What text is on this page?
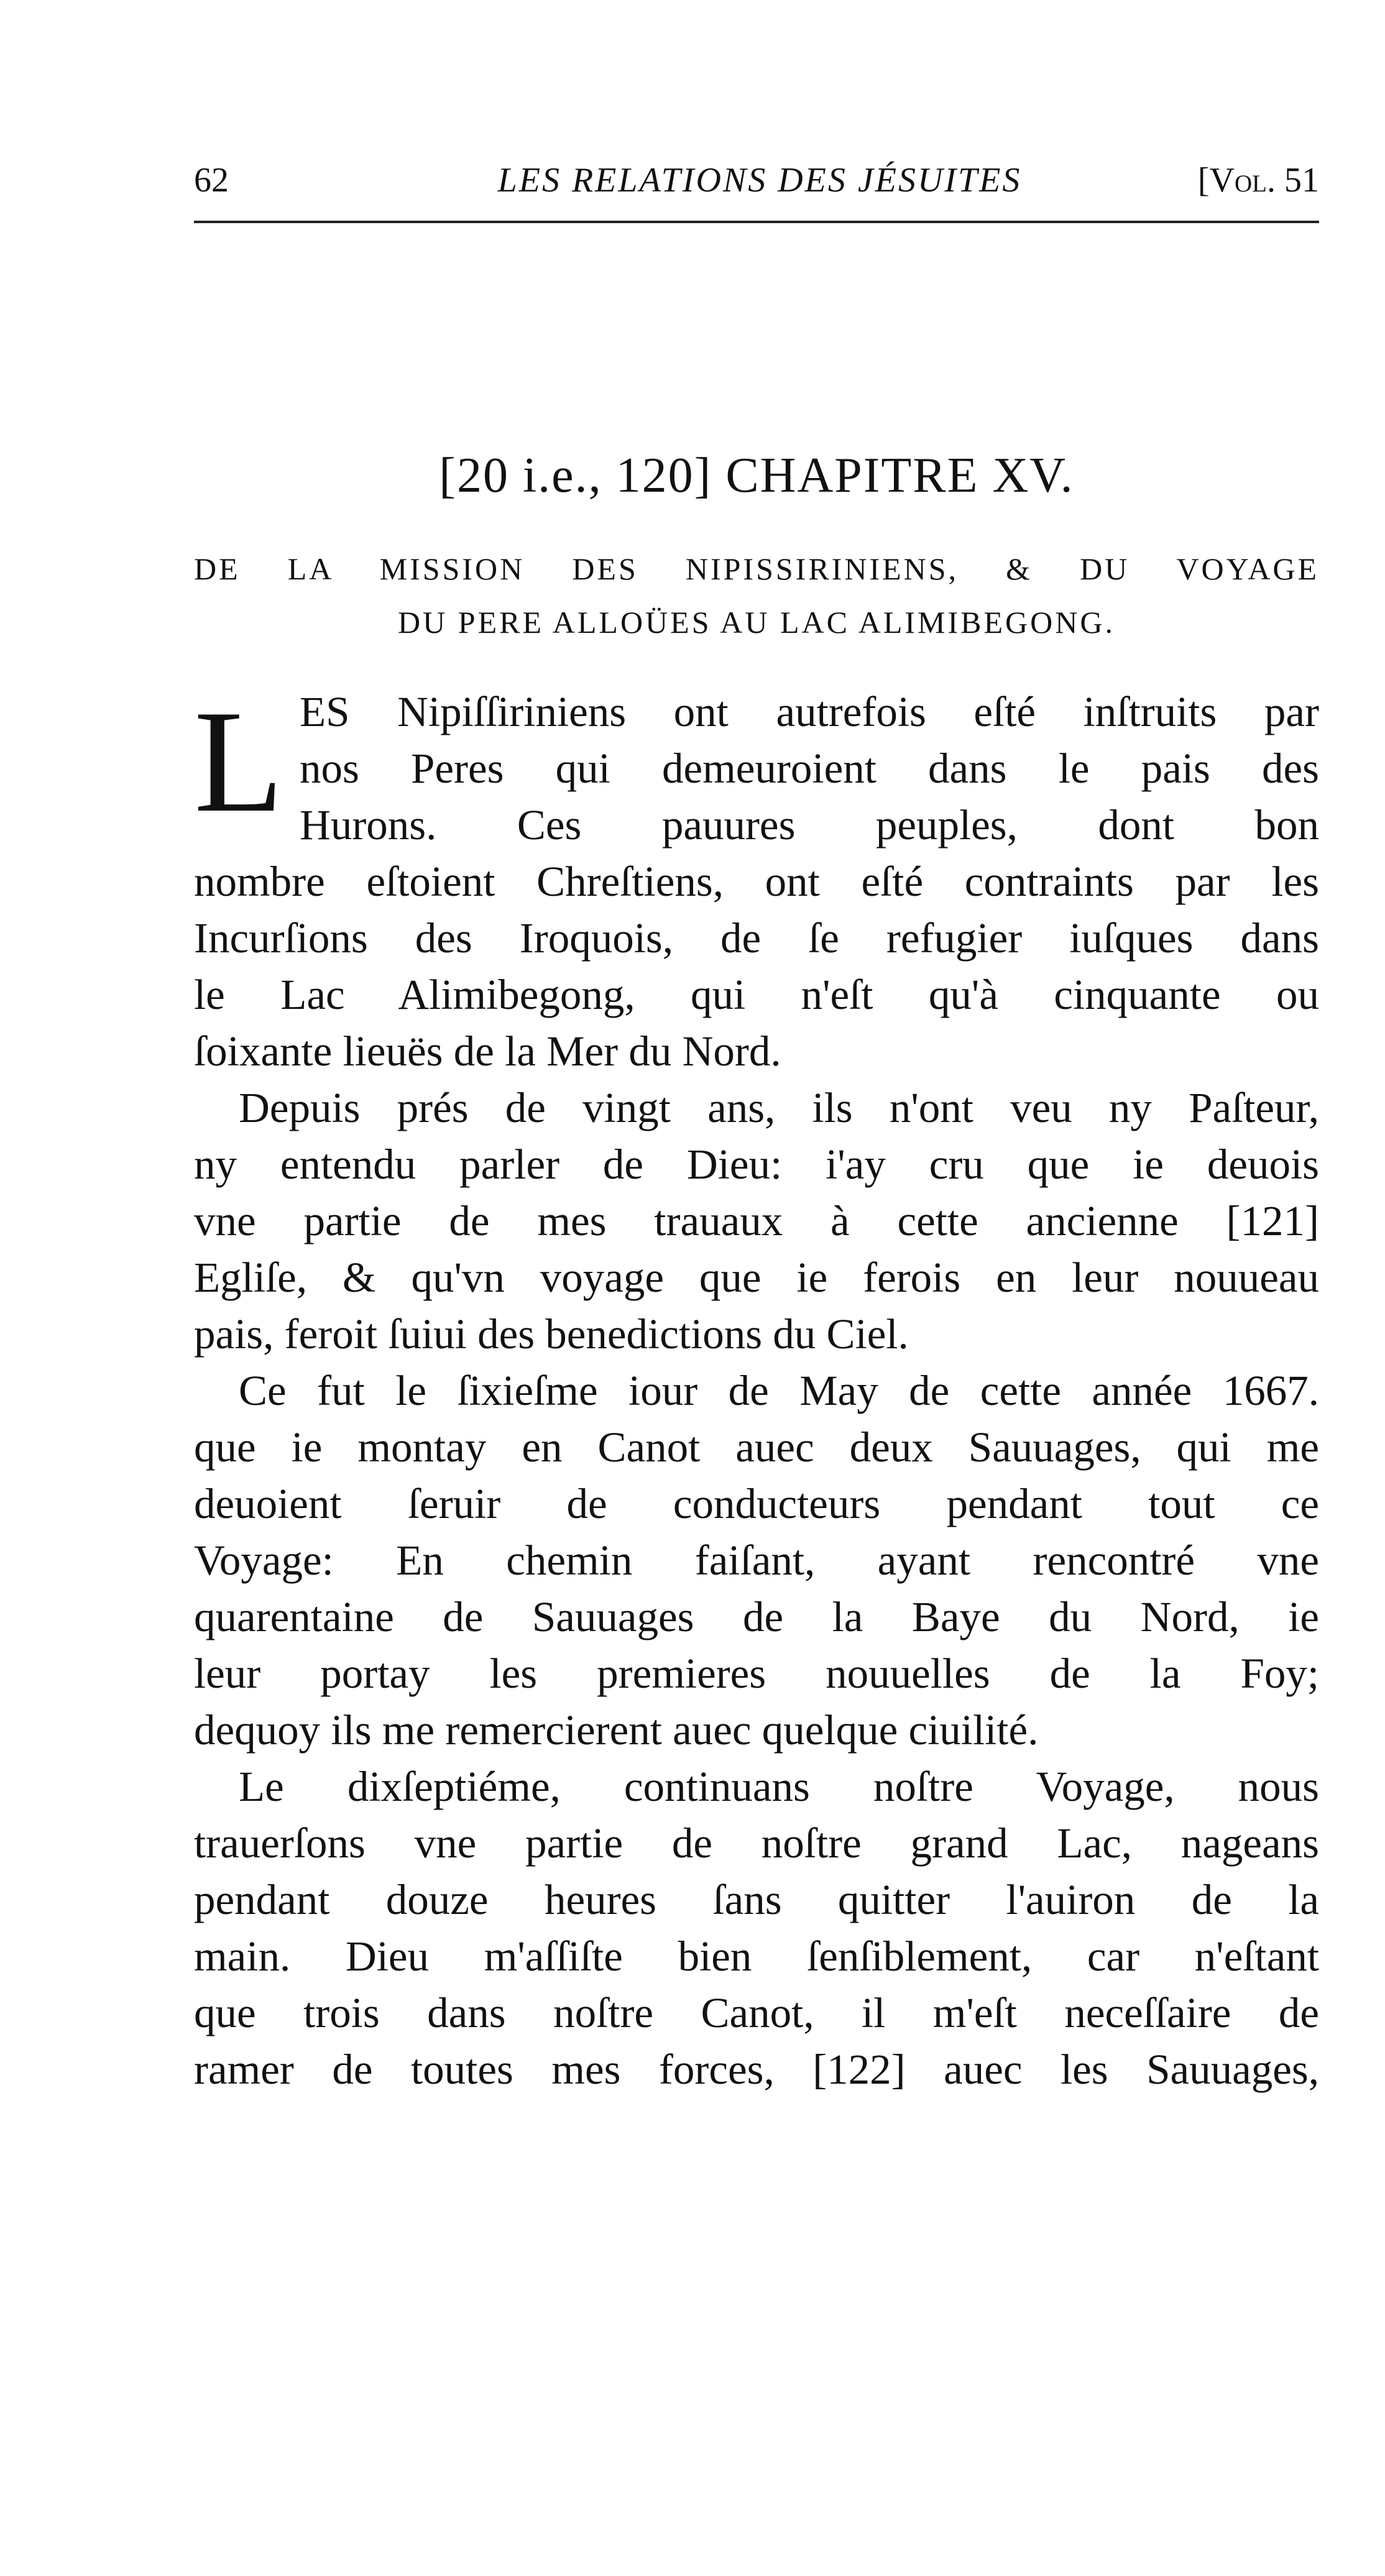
62	LES RELATIONS DES JÉSUITES	[Vol. 51
[20 i.e., 120] CHAPITRE XV.
DE LA MISSION DES NIPISSIRINIENS, & DU VOYAGE
DU PERE ALLOÜES AU LAC ALIMIBEGONG.
L ES Nipiſſiriniens ont autrefois eſté inſtruits par
nos Peres qui demeuroient dans le pais des
Hurons. Ces pauures peuples, dont bon
nombre eſtoient Chreſtiens, ont eſté contraints par les
Incurſions des Iroquois, de ſe refugier iuſques dans
le Lac Alimibegong, qui n'eſt qu'à cinquante ou
ſoixante lieuës de la Mer du Nord.
Depuis prés de vingt ans, ils n'ont veu ny Paſteur,
ny entendu parler de Dieu: i'ay cru que ie deuois
vne partie de mes trauaux à cette ancienne [121]
Egliſe, & qu'vn voyage que ie ferois en leur nouueau
pais, feroit ſuiui des benedictions du Ciel.
Ce fut le ſixieſme iour de May de cette année 1667.
que ie montay en Canot auec deux Sauuages, qui me
deuoient ſeruir de conducteurs pendant tout ce
Voyage: En chemin faiſant, ayant rencontré vne
quarentaine de Sauuages de la Baye du Nord, ie
leur portay les premieres nouuelles de la Foy;
dequoy ils me remercierent auec quelque ciuilité.
Le dixſeptiéme, continuans noſtre Voyage, nous
trauerſons vne partie de noſtre grand Lac, nageans
pendant douze heures ſans quitter l'auiron de la
main. Dieu m'aſſiſte bien ſenſiblement, car n'eſtant
que trois dans noſtre Canot, il m'eſt neceſſaire de
ramer de toutes mes forces, [122] auec les Sauuages,
